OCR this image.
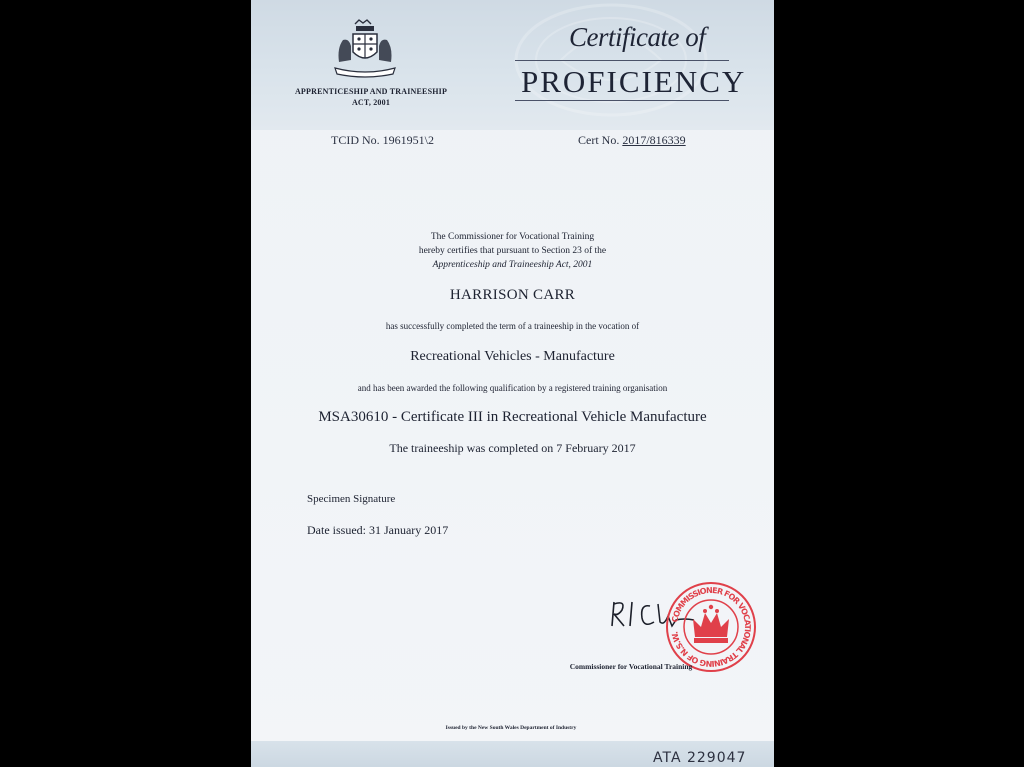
APPRENTICESHIP AND TRAINEESHIP
ACT, 2001
Certificate of
PROFICIENCY
TCID No. 1961951\2	Cert No. 2017/816339
The Commissioner for Vocational Training
hereby certifies that pursuant to Section 23 of the
Apprenticeship and Traineeship Act, 2001
HARRISON CARR
has successfully completed the term of a traineeship in the vocation of
Recreational Vehicles - Manufacture
and has been awarded the following qualification by a registered training organisation
MSA30610 - Certificate III in Recreational Vehicle Manufacture
The traineeship was completed on 7 February 2017
Specimen Signature
Date issued: 31 January 2017
COMMISSIONER FOR VOCATIONAL TRAINING OF N.S.W.
Commissioner for Vocational Training
Issued by the New South Wales Department of Industry
ATA 229047
